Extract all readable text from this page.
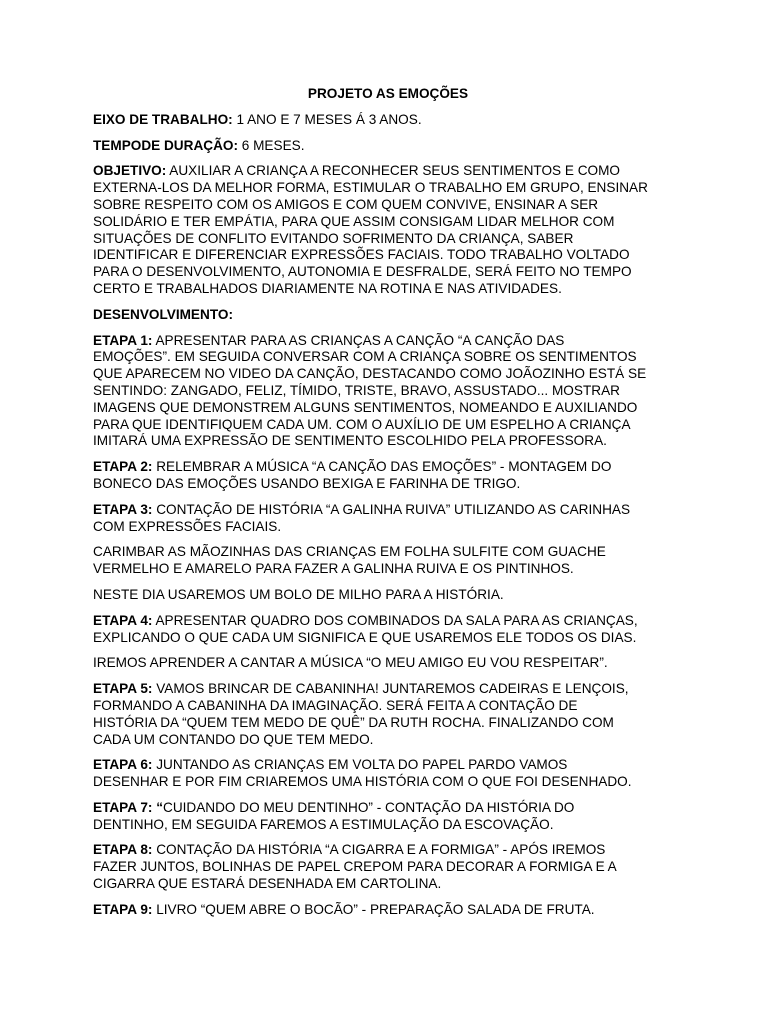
PROJETO AS EMOÇÕES
EIXO DE TRABALHO: 1 ANO E 7 MESES Á 3 ANOS.
TEMPODE DURAÇÃO: 6 MESES.
OBJETIVO: AUXILIAR A CRIANÇA A RECONHECER SEUS SENTIMENTOS E COMO
EXTERNA-LOS DA MELHOR FORMA, ESTIMULAR O TRABALHO EM GRUPO, ENSINAR
SOBRE RESPEITO COM OS AMIGOS E COM QUEM CONVIVE, ENSINAR A SER
SOLIDÁRIO E TER EMPÁTIA, PARA QUE ASSIM CONSIGAM LIDAR MELHOR COM
SITUAÇÕES DE CONFLITO EVITANDO SOFRIMENTO DA CRIANÇA, SABER
IDENTIFICAR E DIFERENCIAR EXPRESSÕES FACIAIS. TODO TRABALHO VOLTADO
PARA O DESENVOLVIMENTO, AUTONOMIA E DESFRALDE, SERÁ FEITO NO TEMPO
CERTO E TRABALHADOS DIARIAMENTE NA ROTINA E NAS ATIVIDADES.
DESENVOLVIMENTO:
ETAPA 1: APRESENTAR PARA AS CRIANÇAS A CANÇÃO “A CANÇÃO DAS
EMOÇÕES”. EM SEGUIDA CONVERSAR COM A CRIANÇA SOBRE OS SENTIMENTOS
QUE APARECEM NO VIDEO DA CANÇÃO, DESTACANDO COMO JOÃOZINHO ESTÁ SE
SENTINDO: ZANGADO, FELIZ, TÍMIDO, TRISTE, BRAVO, ASSUSTADO... MOSTRAR
IMAGENS QUE DEMONSTREM ALGUNS SENTIMENTOS, NOMEANDO E AUXILIANDO
PARA QUE IDENTIFIQUEM CADA UM. COM O AUXÍLIO DE UM ESPELHO A CRIANÇA
IMITARÁ UMA EXPRESSÃO DE SENTIMENTO ESCOLHIDO PELA PROFESSORA.
ETAPA 2: RELEMBRAR A MÚSICA “A CANÇÃO DAS EMOÇÕES” - MONTAGEM DO
BONECO DAS EMOÇÕES USANDO BEXIGA E FARINHA DE TRIGO.
ETAPA 3: CONTAÇÃO DE HISTÓRIA “A GALINHA RUIVA” UTILIZANDO AS CARINHAS
COM EXPRESSÕES FACIAIS.
CARIMBAR AS MÃOZINHAS DAS CRIANÇAS EM FOLHA SULFITE COM GUACHE
VERMELHO E AMARELO PARA FAZER A GALINHA RUIVA E OS PINTINHOS.
NESTE DIA USAREMOS UM BOLO DE MILHO PARA A HISTÓRIA.
ETAPA 4: APRESENTAR QUADRO DOS COMBINADOS DA SALA PARA AS CRIANÇAS,
EXPLICANDO O QUE CADA UM SIGNIFICA E QUE USAREMOS ELE TODOS OS DIAS.
IREMOS APRENDER A CANTAR A MÚSICA “O MEU AMIGO EU VOU RESPEITAR”.
ETAPA 5: VAMOS BRINCAR DE CABANINHA! JUNTAREMOS CADEIRAS E LENÇOIS,
FORMANDO A CABANINHA DA IMAGINAÇÃO. SERÁ FEITA A CONTAÇÃO DE
HISTÓRIA DA “QUEM TEM MEDO DE QUÊ” DA RUTH ROCHA. FINALIZANDO COM
CADA UM CONTANDO DO QUE TEM MEDO.
ETAPA 6: JUNTANDO AS CRIANÇAS EM VOLTA DO PAPEL PARDO VAMOS
DESENHAR E POR FIM CRIAREMOS UMA HISTÓRIA COM O QUE FOI DESENHADO.
ETAPA 7: “CUIDANDO DO MEU DENTINHO” - CONTAÇÃO DA HISTÓRIA DO
DENTINHO, EM SEGUIDA FAREMOS A ESTIMULAÇÃO DA ESCOVAÇÃO.
ETAPA 8: CONTAÇÃO DA HISTÓRIA “A CIGARRA E A FORMIGA” - APÓS IREMOS
FAZER JUNTOS, BOLINHAS DE PAPEL CREPOM PARA DECORAR A FORMIGA E A
CIGARRA QUE ESTARÁ DESENHADA EM CARTOLINA.
ETAPA 9: LIVRO “QUEM ABRE O BOCÃO” - PREPARAÇÃO SALADA DE FRUTA.
